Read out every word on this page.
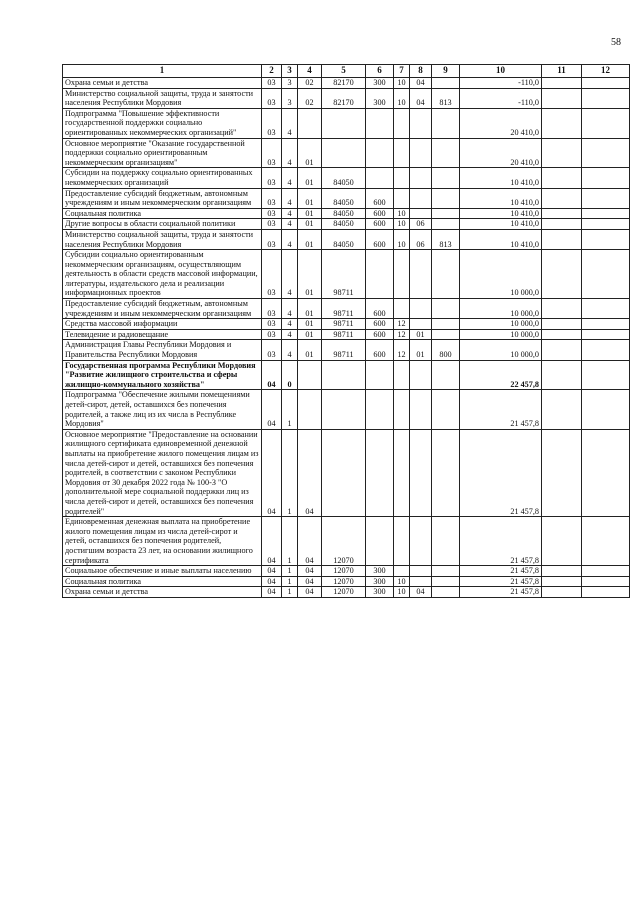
58
1	2	3	4	5	6	7	8	9	10	11	12
Охрана семьи и детства	03	3	02	82170	300	10	04		-110,0		
Министерство социальной защиты, труда и занятости населения Республики Мордовия	03	3	02	82170	300	10	04	813	-110,0		
Подпрограмма "Повышение эффективности государственной поддержки социально ориентированных некоммерческих организаций"	03	4							20 410,0		
Основное мероприятие "Оказание государственной поддержки социально ориентированным некоммерческим организациям"	03	4	01						20 410,0		
Субсидии на поддержку социально ориентированных некоммерческих организаций	03	4	01	84050					10 410,0		
Предоставление субсидий бюджетным, автономным учреждениям и иным некоммерческим организациям	03	4	01	84050	600				10 410,0		
Социальная политика	03	4	01	84050	600	10			10 410,0		
Другие вопросы в области социальной политики	03	4	01	84050	600	10	06		10 410,0		
Министерство социальной защиты, труда и занятости населения Республики Мордовия	03	4	01	84050	600	10	06	813	10 410,0		
Субсидии социально ориентированным некоммерческим организациям, осуществляющим деятельность в области средств массовой информации, литературы, издательского дела и реализации информационных проектов	03	4	01	98711					10 000,0		
Предоставление субсидий бюджетным, автономным учреждениям и иным некоммерческим организациям	03	4	01	98711	600				10 000,0		
Средства массовой информации	03	4	01	98711	600	12			10 000,0		
Телевидение и радиовещание	03	4	01	98711	600	12	01		10 000,0		
Администрация Главы Республики Мордовия и Правительства Республики Мордовия	03	4	01	98711	600	12	01	800	10 000,0		
Государственная программа Республики Мордовия "Развитие жилищного строительства и сферы жилищно-коммунального хозяйства"	04	0							22 457,8		
Подпрограмма "Обеспечение жилыми помещениями детей-сирот, детей, оставшихся без попечения родителей, а также лиц из их числа в Республике Мордовия"	04	1							21 457,8		
Основное мероприятие "Предоставление на основании жилищного сертификата единовременной денежной выплаты на приобретение жилого помещения лицам из числа детей-сирот и детей, оставшихся без попечения родителей, в соответствии с законом Республики Мордовия от 30 декабря 2022 года № 100-З "О дополнительной мере социальной поддержки лиц из числа детей-сирот и детей, оставшихся без попечения родителей"	04	1	04						21 457,8		
Единовременная денежная выплата на приобретение жилого помещения лицам из числа детей-сирот и детей, оставшихся без попечения родителей, достигшим возраста 23 лет, на основании жилищного сертификата	04	1	04	12070					21 457,8		
Социальное обеспечение и иные выплаты населению	04	1	04	12070	300				21 457,8		
Социальная политика	04	1	04	12070	300	10			21 457,8		
Охрана семьи и детства	04	1	04	12070	300	10	04		21 457,8		
